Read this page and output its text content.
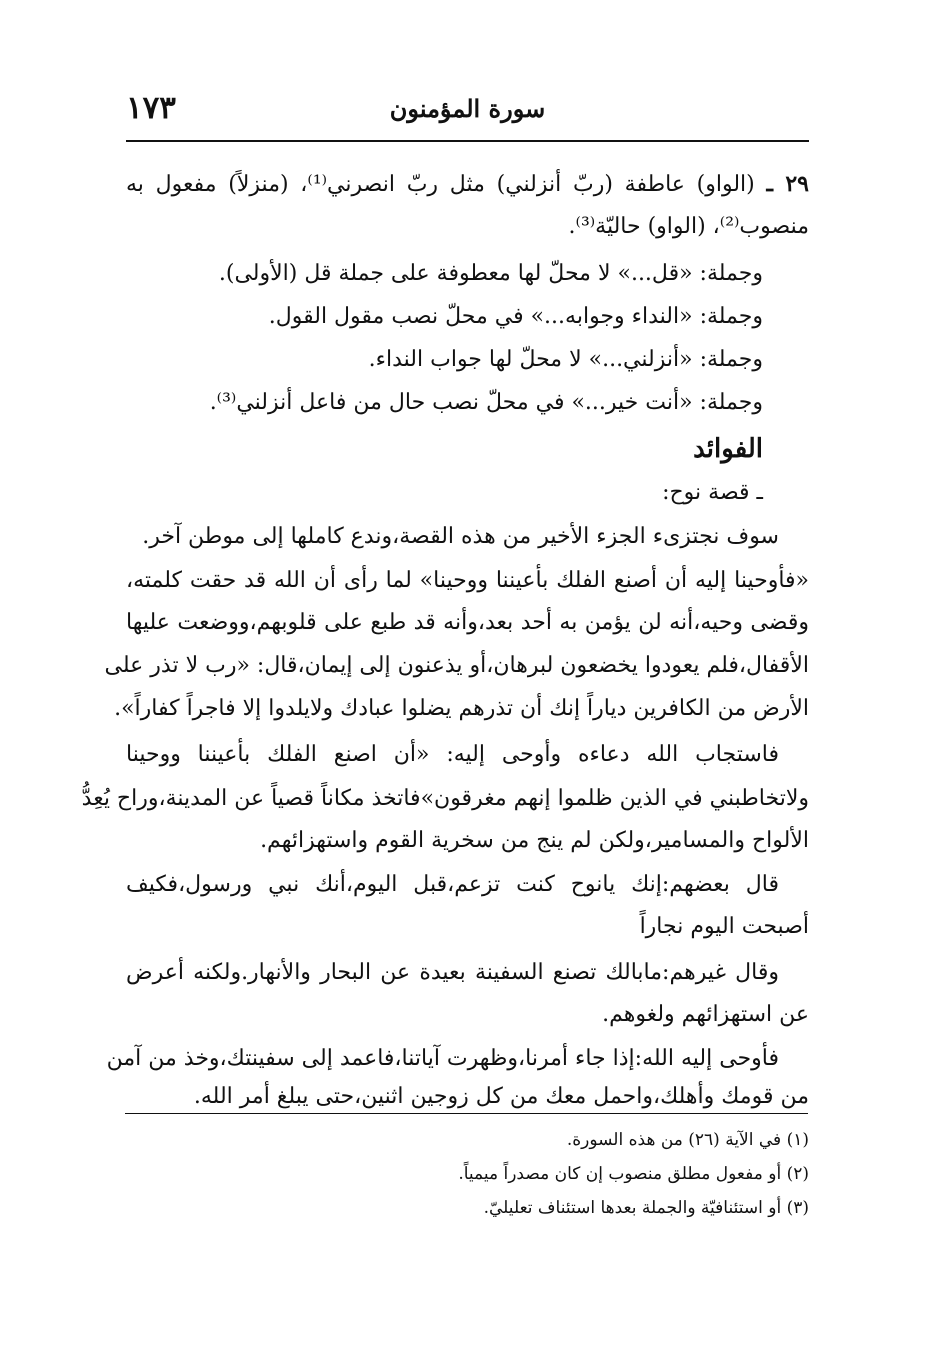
١٧٣	سورة المؤمنون
٢٩ ـ (الواو) عاطفة (ربّ أنزلني) مثل ربّ انصرني⁽¹⁾، (منزلاً) مفعول به
منصوب⁽²⁾، (الواو) حاليّة⁽³⁾.
وجملة: «قل...» لا محلّ لها معطوفة على جملة قل (الأولى).
وجملة: «النداء وجوابه...» في محلّ نصب مقول القول.
وجملة: «أنزلني...» لا محلّ لها جواب النداء.
وجملة: «أنت خير...» في محلّ نصب حال من فاعل أنزلني⁽³⁾.
الفوائد
ـ قصة نوح:
سوف نجتزىء الجزء الأخير من هذه القصة،وندع كاملها إلى موطن آخر.
«فأوحينا إليه أن أصنع الفلك بأعيننا ووحينا» لما رأى أن الله قد حقت كلمته،
وقضى وحيه،أنه لن يؤمن به أحد بعد،وأنه قد طبع على قلوبهم،ووضعت عليها
الأقفال،فلم يعودوا يخضعون لبرهان،أو يذعنون إلى إيمان،قال: «رب لا تذر على
الأرض من الكافرين دياراً إنك أن تذرهم يضلوا عبادك ولايلدوا إلا فاجراً كفاراً».
فاستجاب الله دعاءه وأوحى إليه: «أن اصنع الفلك بأعيننا ووحينا
ولاتخاطبني في الذين ظلموا إنهم مغرقون»فاتخذ مكاناً قصياً عن المدينة،وراح يُعِدُّ
الألواح والمسامير،ولكن لم ينج من سخرية القوم واستهزائهم.
قال بعضهم:إنك يانوح كنت تزعم،قبل اليوم،أنك نبي ورسول،فكيف
أصبحت اليوم نجاراً
وقال غيرهم:مابالك تصنع السفينة بعيدة عن البحار والأنهار.ولكنه أعرض
عن استهزائهم ولغوهم.
فأوحى إليه الله:إذا جاء أمرنا،وظهرت آياتنا،فاعمد إلى سفينتك،وخذ من آمن
من قومك وأهلك،واحمل معك من كل زوجين اثنين،حتى يبلغ أمر الله.
(١) في الآية (٢٦) من هذه السورة.
(٢) أو مفعول مطلق منصوب إن كان مصدراً ميمياً.
(٣) أو استئنافيّة والجملة بعدها استئناف تعليليّ.
